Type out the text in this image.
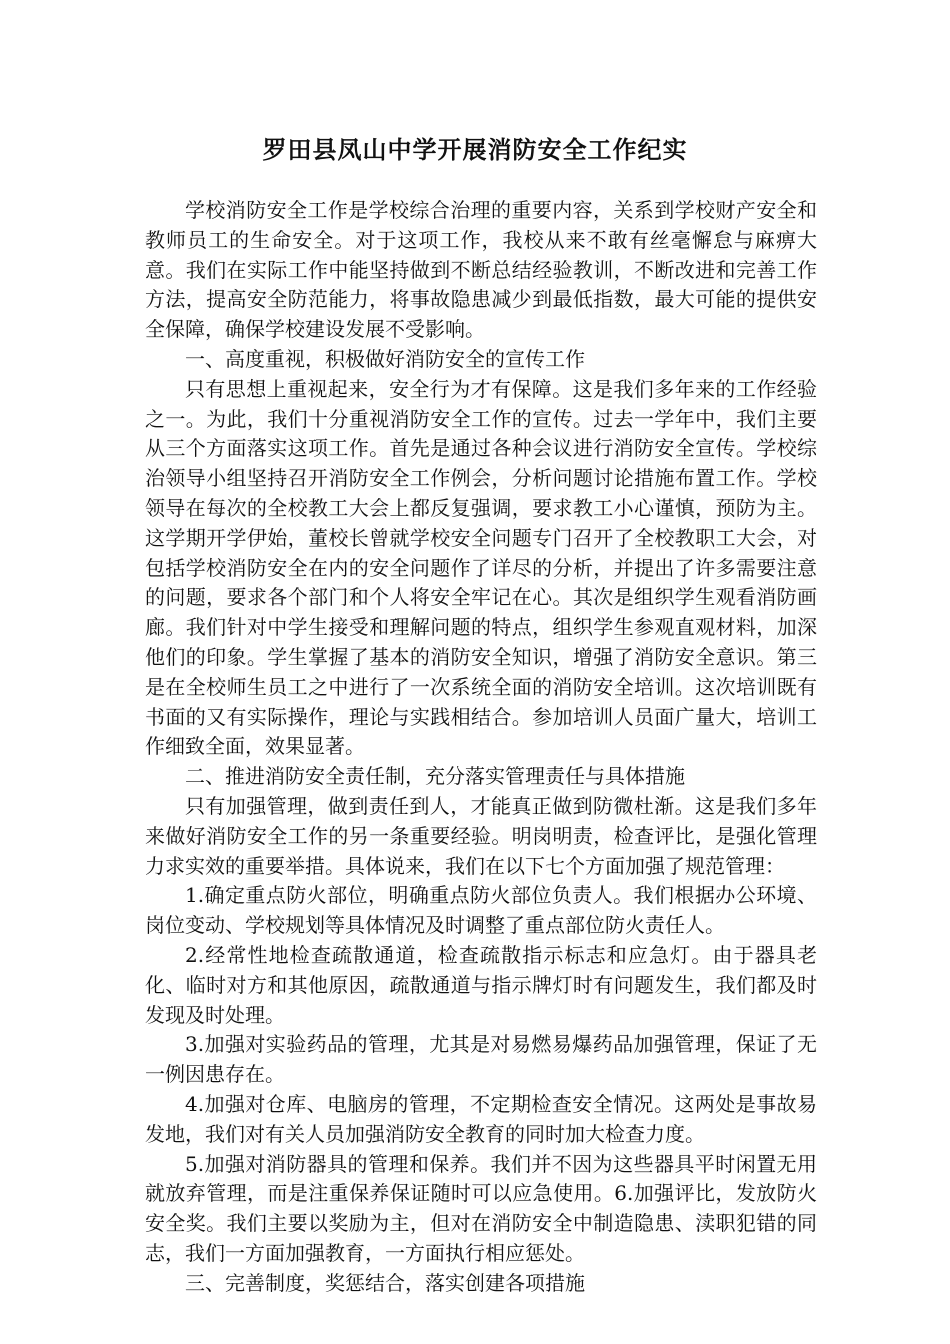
罗田县凤山中学开展消防安全工作纪实

学校消防安全工作是学校综合治理的重要内容，关系到学校财产安全和教师员工的生命安全。对于这项工作，我校从来不敢有丝毫懈怠与麻痹大意。我们在实际工作中能坚持做到不断总结经验教训，不断改进和完善工作方法，提高安全防范能力，将事故隐患减少到最低指数，最大可能的提供安全保障，确保学校建设发展不受影响。

一、高度重视，积极做好消防安全的宣传工作

只有思想上重视起来，安全行为才有保障。这是我们多年来的工作经验之一。为此，我们十分重视消防安全工作的宣传。过去一学年中，我们主要从三个方面落实这项工作。首先是通过各种会议进行消防安全宣传。学校综治领导小组坚持召开消防安全工作例会，分析问题讨论措施布置工作。学校领导在每次的全校教工大会上都反复强调，要求教工小心谨慎，预防为主。这学期开学伊始，董校长曾就学校安全问题专门召开了全校教职工大会，对包括学校消防安全在内的安全问题作了详尽的分析，并提出了许多需要注意的问题，要求各个部门和个人将安全牢记在心。其次是组织学生观看消防画廊。我们针对中学生接受和理解问题的特点，组织学生参观直观材料，加深他们的印象。学生掌握了基本的消防安全知识，增强了消防安全意识。第三是在全校师生员工之中进行了一次系统全面的消防安全培训。这次培训既有书面的又有实际操作，理论与实践相结合。参加培训人员面广量大，培训工作细致全面，效果显著。

二、推进消防安全责任制，充分落实管理责任与具体措施

只有加强管理，做到责任到人，才能真正做到防微杜渐。这是我们多年来做好消防安全工作的另一条重要经验。明岗明责，检查评比，是强化管理力求实效的重要举措。具体说来，我们在以下七个方面加强了规范管理：

1.确定重点防火部位，明确重点防火部位负责人。我们根据办公环境、岗位变动、学校规划等具体情况及时调整了重点部位防火责任人。

2.经常性地检查疏散通道，检查疏散指示标志和应急灯。由于器具老化、临时对方和其他原因，疏散通道与指示牌灯时有问题发生，我们都及时发现及时处理。

3.加强对实验药品的管理，尤其是对易燃易爆药品加强管理，保证了无一例因患存在。

4.加强对仓库、电脑房的管理，不定期检查安全情况。这两处是事故易发地，我们对有关人员加强消防安全教育的同时加大检查力度。

5.加强对消防器具的管理和保养。我们并不因为这些器具平时闲置无用就放弃管理，而是注重保养保证随时可以应急使用。6.加强评比，发放防火安全奖。我们主要以奖励为主，但对在消防安全中制造隐患、渎职犯错的同志，我们一方面加强教育，一方面执行相应惩处。

三、完善制度，奖惩结合，落实创建各项措施
